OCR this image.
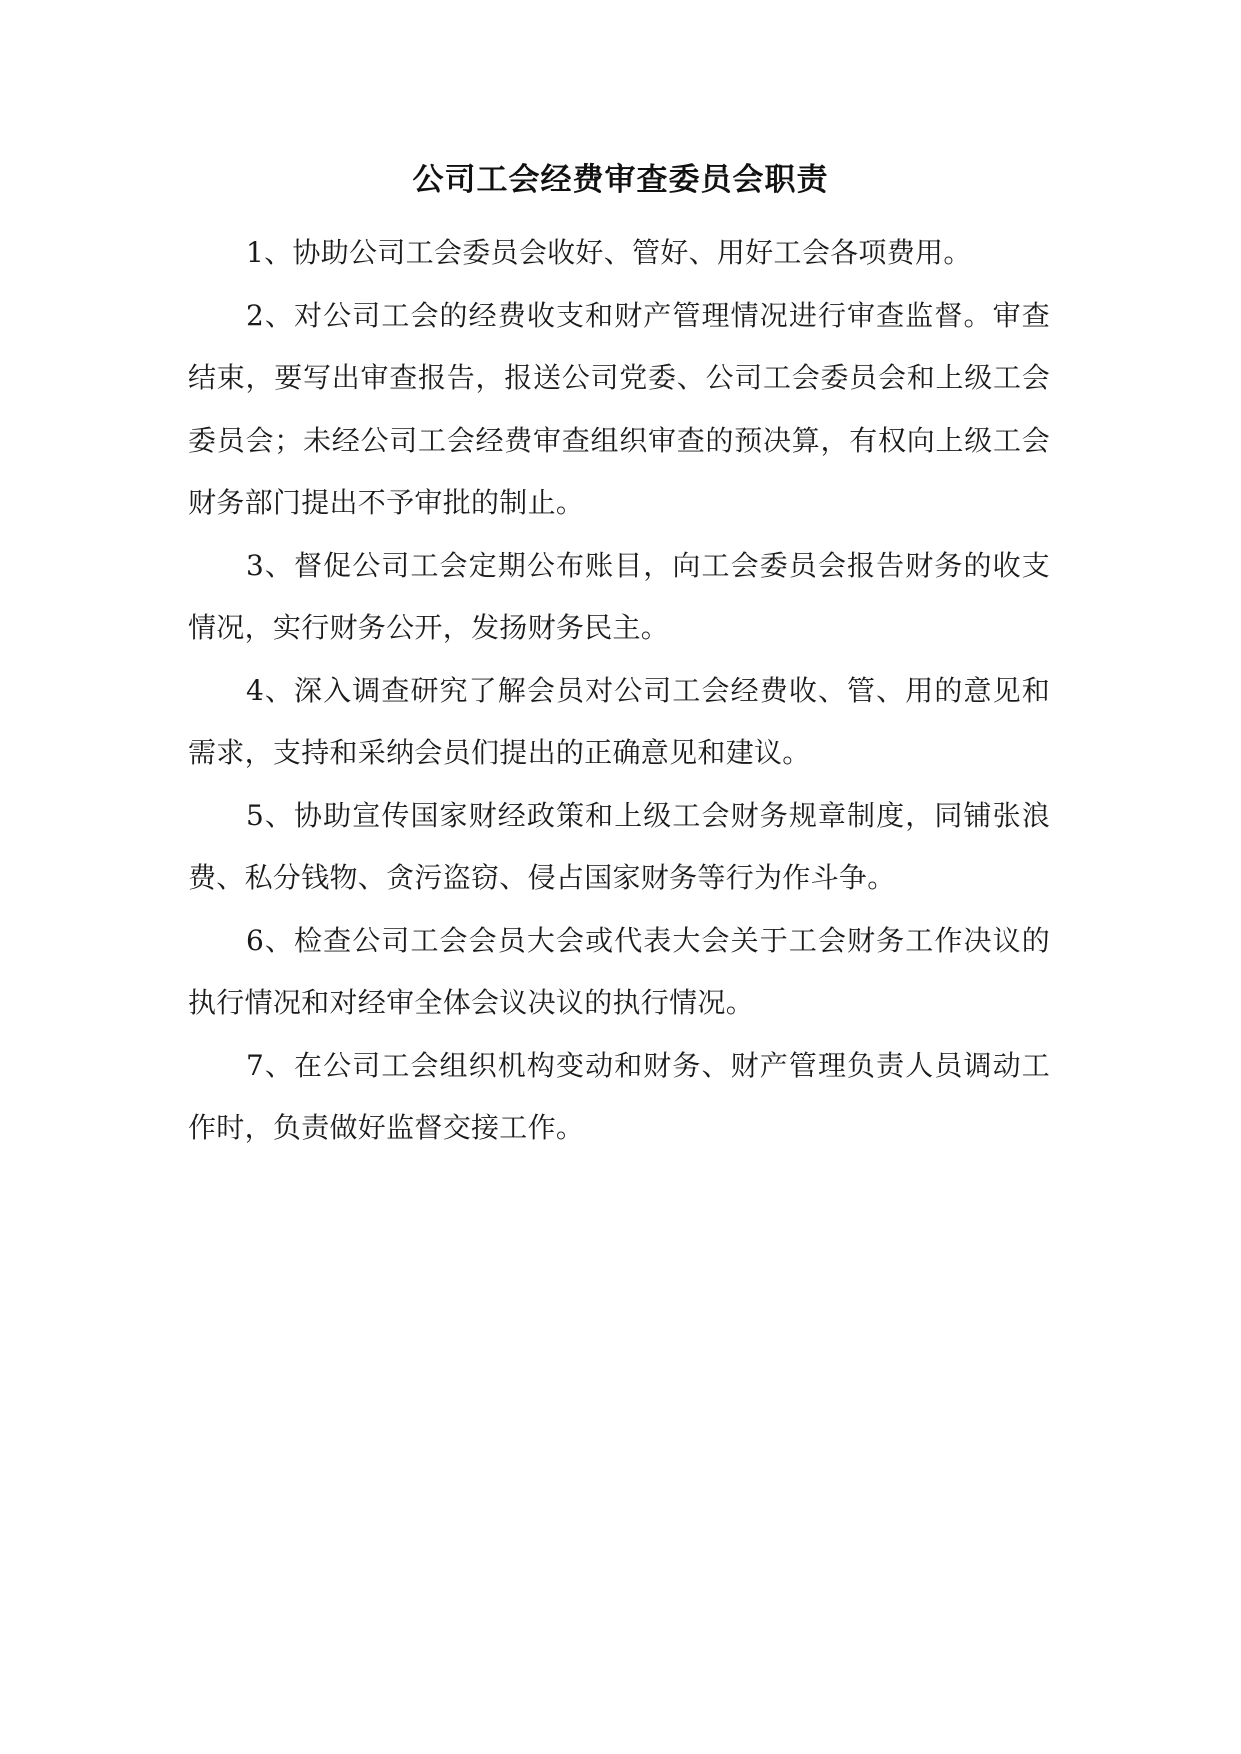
公司工会经费审查委员会职责

1、协助公司工会委员会收好、管好、用好工会各项费用。

2、对公司工会的经费收支和财产管理情况进行审查监督。审查结束，要写出审查报告，报送公司党委、公司工会委员会和上级工会委员会；未经公司工会经费审查组织审查的预决算，有权向上级工会财务部门提出不予审批的制止。

3、督促公司工会定期公布账目，向工会委员会报告财务的收支情况，实行财务公开，发扬财务民主。

4、深入调查研究了解会员对公司工会经费收、管、用的意见和需求，支持和采纳会员们提出的正确意见和建议。

5、协助宣传国家财经政策和上级工会财务规章制度，同铺张浪费、私分钱物、贪污盗窃、侵占国家财务等行为作斗争。

6、检查公司工会会员大会或代表大会关于工会财务工作决议的执行情况和对经审全体会议决议的执行情况。

7、在公司工会组织机构变动和财务、财产管理负责人员调动工作时，负责做好监督交接工作。
